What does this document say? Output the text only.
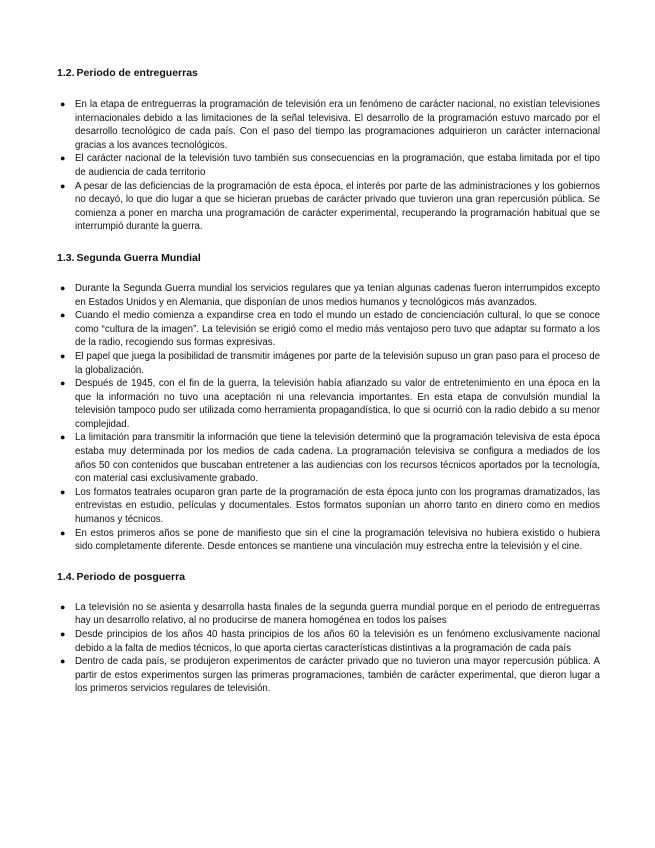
1.2. Periodo de entreguerras
● En la etapa de entreguerras la programación de televisión era un fenómeno de carácter nacional, no existían televisiones internacionales debido a las limitaciones de la señal televisiva. El desarrollo de la programación estuvo marcado por el desarrollo tecnológico de cada país. Con el paso del tiempo las programaciones adquirieron un carácter internacional gracias a los avances tecnológicos.
● El carácter nacional de la televisión tuvo también sus consecuencias en la programación, que estaba limitada por el tipo de audiencia de cada territorio
● A pesar de las deficiencias de la programación de esta época, el interés por parte de las administraciones y los gobiernos no decayó, lo que dio lugar a que se hicieran pruebas de carácter privado que tuvieron una gran repercusión pública. Se comienza a poner en marcha una programación de carácter experimental, recuperando la programación habitual que se interrumpió durante la guerra.
1.3. Segunda Guerra Mundial
● Durante la Segunda Guerra mundial los servicios regulares que ya tenían algunas cadenas fueron interrumpidos excepto en Estados Unidos y en Alemania, que disponían de unos medios humanos y tecnológicos más avanzados.
● Cuando el medio comienza a expandirse crea en todo el mundo un estado de concienciación cultural, lo que se conoce como “cultura de la imagen”. La televisión se erigió como el medio más ventajoso pero tuvo que adaptar su formato a los de la radio, recogiendo sus formas expresivas.
● El papel que juega la posibilidad de transmitir imágenes por parte de la televisión supuso un gran paso para el proceso de la globalización.
● Después de 1945, con el fin de la guerra, la televisión había afianzado su valor de entretenimiento en una época en la que la información no tuvo una aceptación ni una relevancia importantes. En esta etapa de convulsión mundial la televisión tampoco pudo ser utilizada como herramienta propagandística, lo que si ocurrió con la radio debido a su menor complejidad.
● La limitación para transmitir la información que tiene la televisión determinó que la programación televisiva de esta época estaba muy determinada por los medios de cada cadena. La programación televisiva se configura a mediados de los años 50 con contenidos que buscaban entretener a las audiencias con los recursos técnicos aportados por la tecnología, con material casi exclusivamente grabado.
● Los formatos teatrales ocuparon gran parte de la programación de esta época junto con los programas dramatizados, las entrevistas en estudio, películas y documentales. Estos formatos suponían un ahorro tanto en dinero como en medios humanos y técnicos.
● En estos primeros años se pone de manifiesto que sin el cine la programación televisiva no hubiera existido o hubiera sido completamente diferente. Desde entonces se mantiene una vinculación muy estrecha entre la televisión y el cine.
1.4. Periodo de posguerra
● La televisión no se asienta y desarrolla hasta finales de la segunda guerra mundial porque en el periodo de entreguerras hay un desarrollo relativo, al no producirse de manera homogénea en todos los países
● Desde principios de los años 40 hasta principios de los años 60 la televisión es un fenómeno exclusivamente nacional debido a la falta de medios técnicos, lo que aporta ciertas características distintivas a la programación de cada país
● Dentro de cada país, se produjeron experimentos de carácter privado que no tuvieron una mayor repercusión pública. A partir de estos experimentos surgen las primeras programaciones, también de carácter experimental, que dieron lugar a los primeros servicios regulares de televisión.
